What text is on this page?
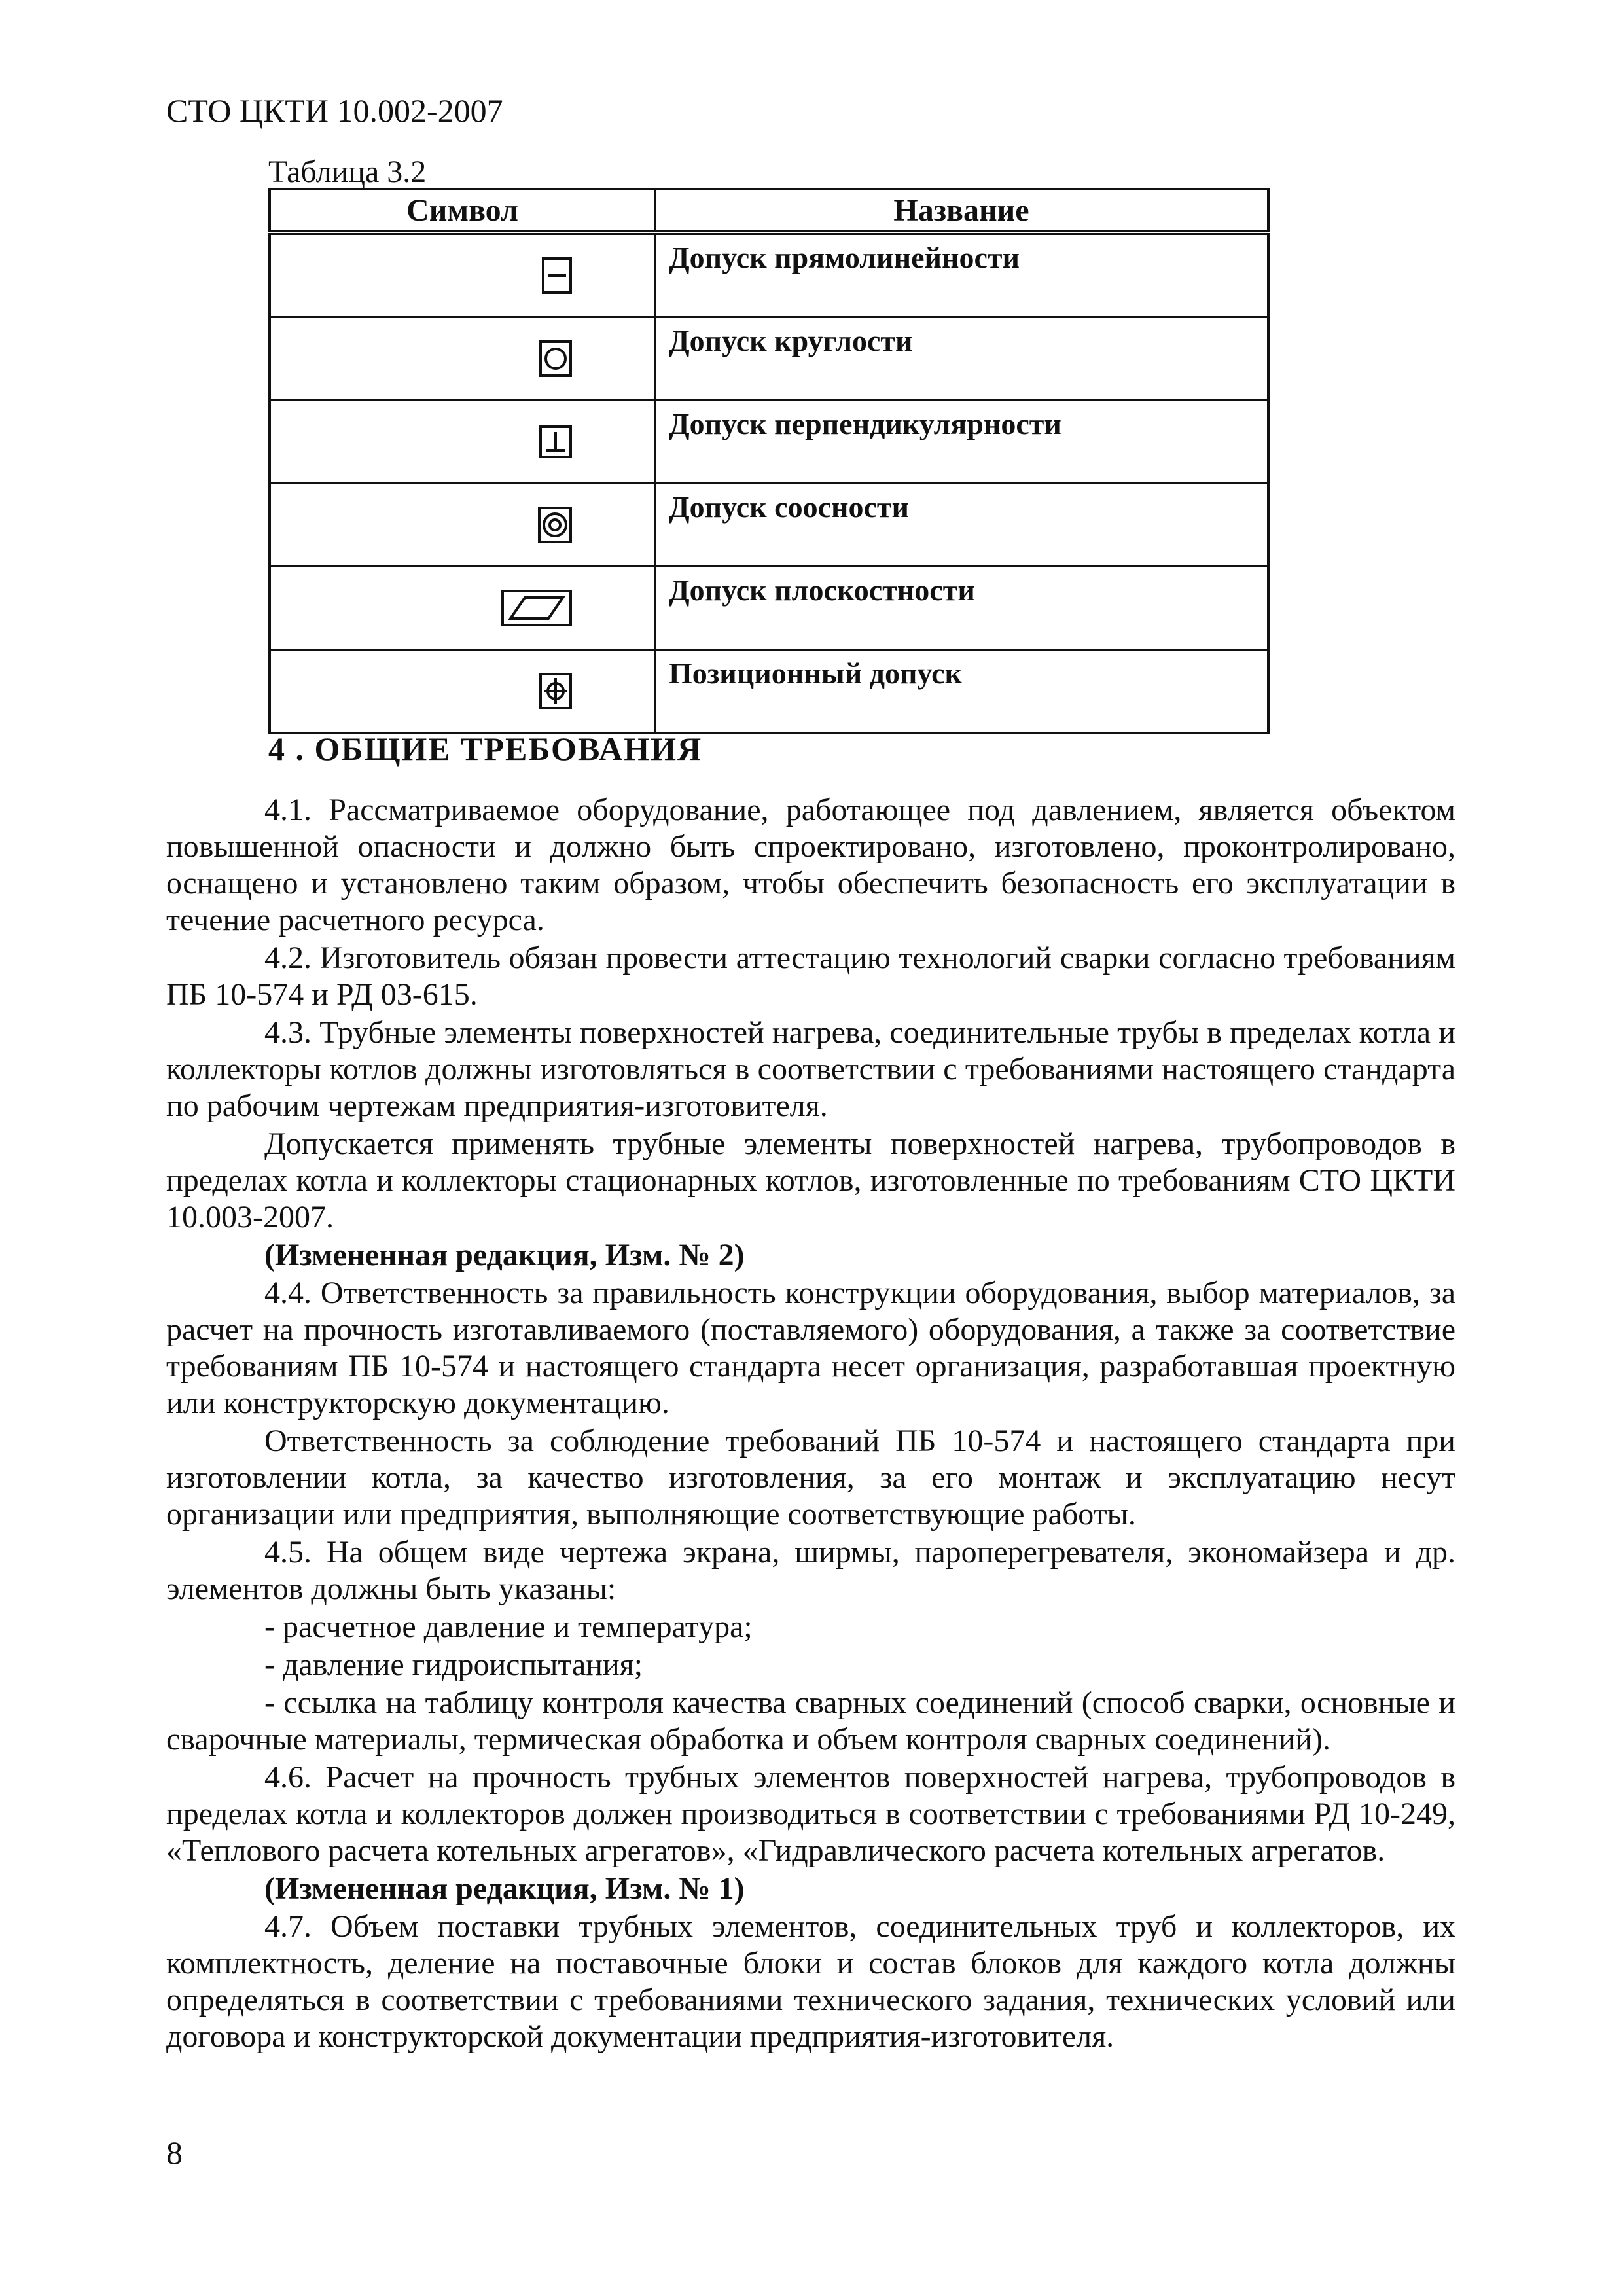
СТО ЦКТИ 10.002-2007
Таблица 3.2
Символ	Название
	Допуск прямолинейности
	Допуск круглости
	Допуск перпендикулярности
	Допуск соосности
	Допуск плоскостности
	Позиционный допуск
4 . ОБЩИЕ ТРЕБОВАНИЯ

4.1. Рассматриваемое оборудование, работающее под давлением, является объектом повышенной опасности и должно быть спроектировано, изготовлено, проконтролировано, оснащено и установлено таким образом, чтобы обеспечить безопасность его эксплуатации в течение расчетного ресурса.

4.2. Изготовитель обязан провести аттестацию технологий сварки согласно требованиям ПБ 10-574 и РД 03-615.

4.3. Трубные элементы поверхностей нагрева, соединительные трубы в пределах котла и коллекторы котлов должны изготовляться в соответствии с требованиями настоящего стандарта по рабочим чертежам предприятия-изготовителя.

Допускается применять трубные элементы поверхностей нагрева, трубопроводов в пределах котла и коллекторы стационарных котлов, изготовленные по требованиям СТО ЦКТИ 10.003-2007.

(Измененная редакция, Изм. № 2)

4.4. Ответственность за правильность конструкции оборудования, выбор материалов, за расчет на прочность изготавливаемого (поставляемого) оборудования, а также за соответствие требованиям ПБ 10-574 и настоящего стандарта несет организация, разработавшая проектную или конструкторскую документацию.

Ответственность за соблюдение требований ПБ 10-574 и настоящего стандарта при изготовлении котла, за качество изготовления, за его монтаж и эксплуатацию несут организации или предприятия, выполняющие соответствующие работы.

4.5. На общем виде чертежа экрана, ширмы, пароперегревателя, экономайзера и др. элементов должны быть указаны:

- расчетное давление и температура;

- давление гидроиспытания;

- ссылка на таблицу контроля качества сварных соединений (способ сварки, основные и сварочные материалы, термическая обработка и объем контроля сварных соединений).

4.6. Расчет на прочность трубных элементов поверхностей нагрева, трубопроводов в пределах котла и коллекторов должен производиться в соответствии с требованиями РД 10-249, «Теплового расчета котельных агрегатов», «Гидравлического расчета котельных агрегатов.

(Измененная редакция, Изм. № 1)

4.7. Объем поставки трубных элементов, соединительных труб и коллекторов, их комплектность, деление на поставочные блоки и состав блоков для каждого котла должны определяться в соответствии с требованиями технического задания, технических условий или договора и конструкторской документации предприятия-изготовителя.

8
